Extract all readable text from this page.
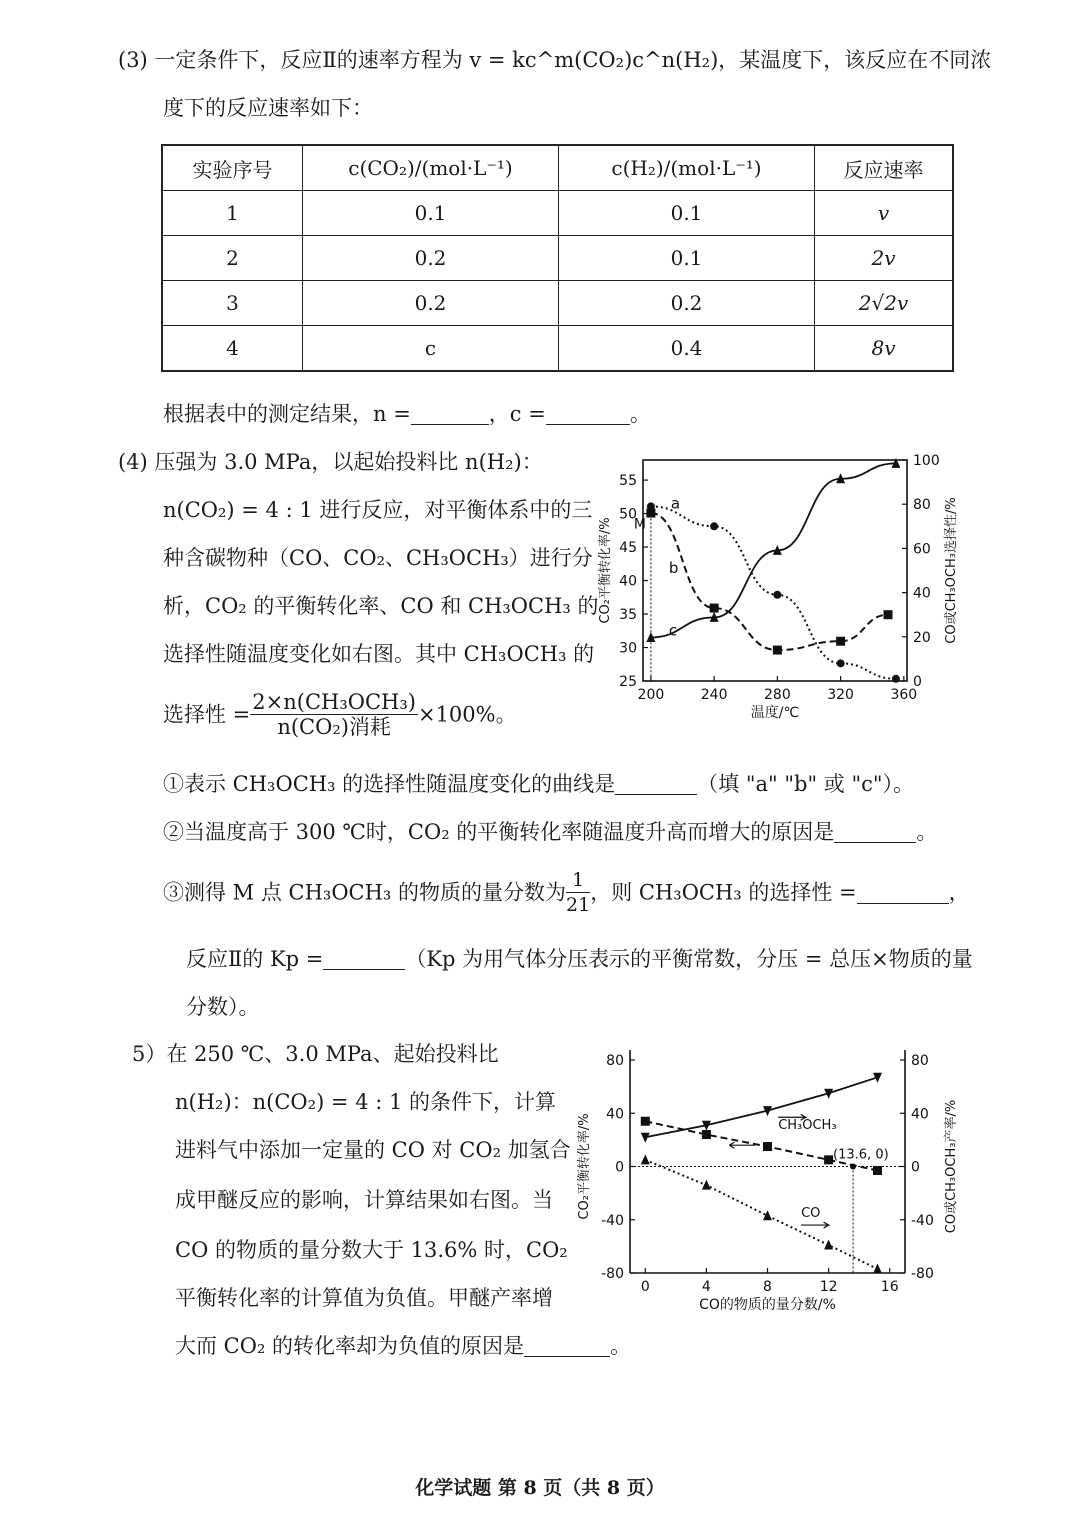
(3) 一定条件下，反应Ⅱ的速率方程为 v = kc^m(CO₂)c^n(H₂)，某温度下，该反应在不同浓
度下的反应速率如下：
实验序号	c(CO₂)/(mol·L⁻¹)	c(H₂)/(mol·L⁻¹)	反应速率
1	0.1	0.1	v
2	0.2	0.1	2v
3	0.2	0.2	2√2v
4	c	0.4	8v
根据表中的测定结果，n =	，c =	。
(4) 压强为 3.0 MPa，以起始投料比 n(H₂)：
n(CO₂) = 4 : 1 进行反应，对平衡体系中的三
种含碳物种（CO、CO₂、CH₃OCH₃）进行分
析，CO₂ 的平衡转化率、CO 和 CH₃OCH₃ 的
选择性随温度变化如右图。其中 CH₃OCH₃ 的
选择性 = $\frac{\text{2×n(CH₃OCH₃)}}{\text{n(CO₂)消耗}} \times 100\%$。
①表示 CH₃OCH₃ 的选择性随温度变化的曲线是	（填 "a" "b" 或 "c"）。
②当温度高于 300 ℃时，CO₂ 的平衡转化率随温度升高而增大的原因是	。
③测得 M 点 CH₃OCH₃ 的物质的量分数为 $\frac{1}{21}$ ，则 CH₃OCH₃ 的选择性 =	，
反应Ⅱ的 Kp =	（Kp 为用气体分压表示的平衡常数，分压 = 总压×物质的量
分数）。
200	240	280	320	360
25
30
35
40
45
50
55
0
20
40
60
80
100
温度/℃
CO₂平衡转化率/%	CO或CH₃OCH₃选择性/%
a
b
c
M
5）在 250 ℃、3.0 MPa、起始投料比
n(H₂)：n(CO₂) = 4 : 1 的条件下，计算
进料气中添加一定量的 CO 对 CO₂ 加氢合
成甲醚反应的影响，计算结果如右图。当
CO 的物质的量分数大于 13.6% 时，CO₂
平衡转化率的计算值为负值。甲醚产率增
大而 CO₂ 的转化率却为负值的原因是	。
0	4	8	12	16
-80
-40
0
40
80
-80
-40
0
40
80
CO的物质的量分数/%
CO₂平衡转化率/%	CO或CH₃OCH₃产率/%
(13.6, 0)
CH₃OCH₃
CO
化学试题 第 8 页（共 8 页）
